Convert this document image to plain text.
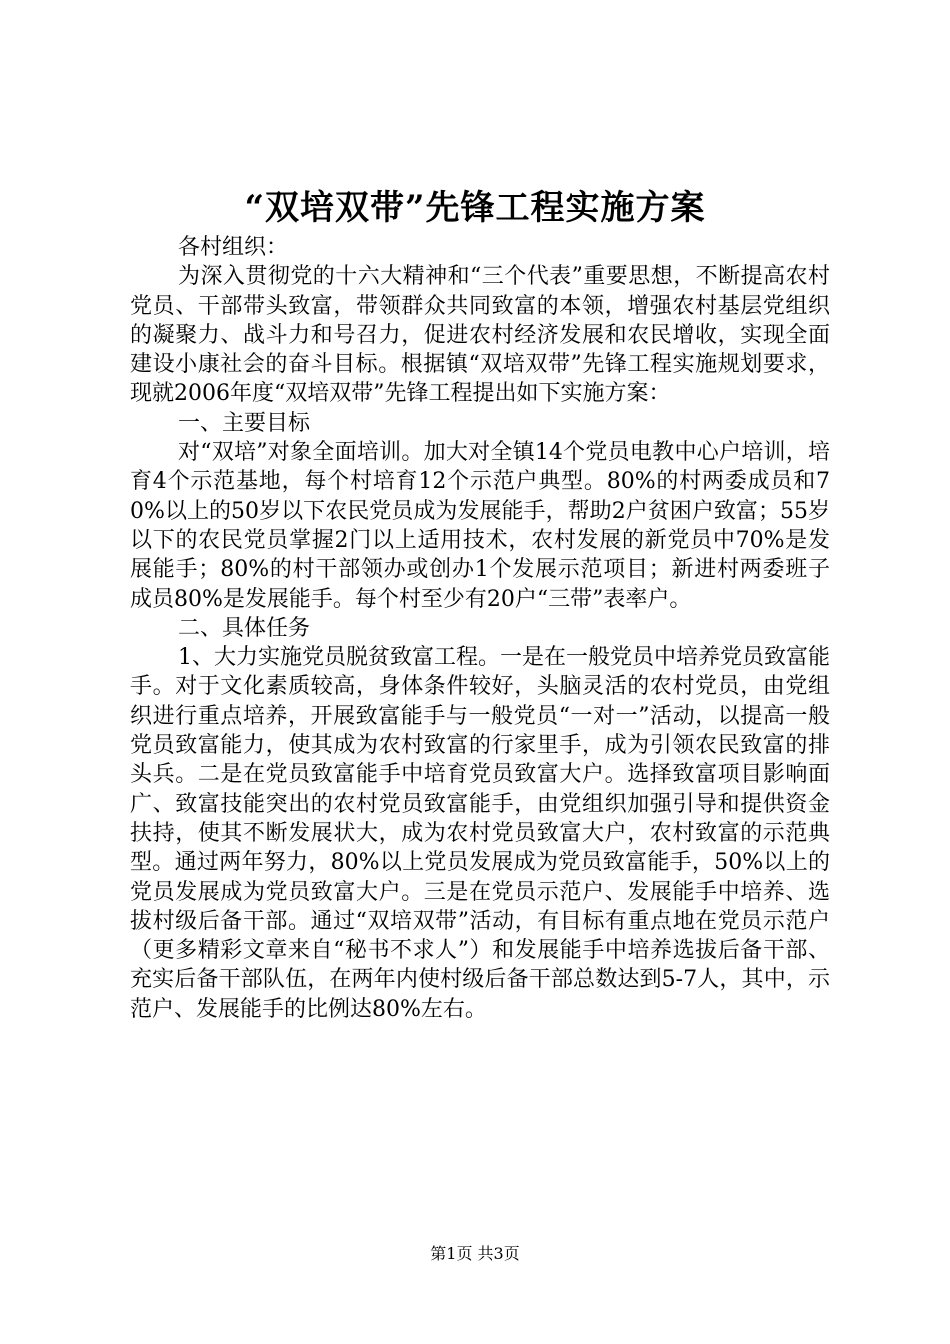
“双培双带”先锋工程实施方案

各村组织：

为深入贯彻党的十六大精神和“三个代表”重要思想，不断提高农村党员、干部带头致富，带领群众共同致富的本领，增强农村基层党组织的凝聚力、战斗力和号召力，促进农村经济发展和农民增收，实现全面建设小康社会的奋斗目标。根据镇“双培双带”先锋工程实施规划要求，现就2006年度“双培双带”先锋工程提出如下实施方案：

一、主要目标

对“双培”对象全面培训。加大对全镇14个党员电教中心户培训，培育4个示范基地，每个村培育12个示范户典型。80%的村两委成员和70%以上的50岁以下农民党员成为发展能手，帮助2户贫困户致富；55岁以下的农民党员掌握2门以上适用技术，农村发展的新党员中70%是发展能手；80%的村干部领办或创办1个发展示范项目；新进村两委班子成员80%是发展能手。每个村至少有20户“三带”表率户。

二、具体任务

1、大力实施党员脱贫致富工程。一是在一般党员中培养党员致富能手。对于文化素质较高，身体条件较好，头脑灵活的农村党员，由党组织进行重点培养，开展致富能手与一般党员“一对一”活动，以提高一般党员致富能力，使其成为农村致富的行家里手，成为引领农民致富的排头兵。二是在党员致富能手中培育党员致富大户。选择致富项目影响面广、致富技能突出的农村党员致富能手，由党组织加强引导和提供资金扶持，使其不断发展状大，成为农村党员致富大户，农村致富的示范典型。通过两年努力，80%以上党员发展成为党员致富能手，50%以上的党员发展成为党员致富大户。三是在党员示范户、发展能手中培养、选拔村级后备干部。通过“双培双带”活动，有目标有重点地在党员示范户（更多精彩文章来自“秘书不求人”）和发展能手中培养选拔后备干部、充实后备干部队伍，在两年内使村级后备干部总数达到5-7人，其中，示范户、发展能手的比例达80%左右。

第1页 共3页
